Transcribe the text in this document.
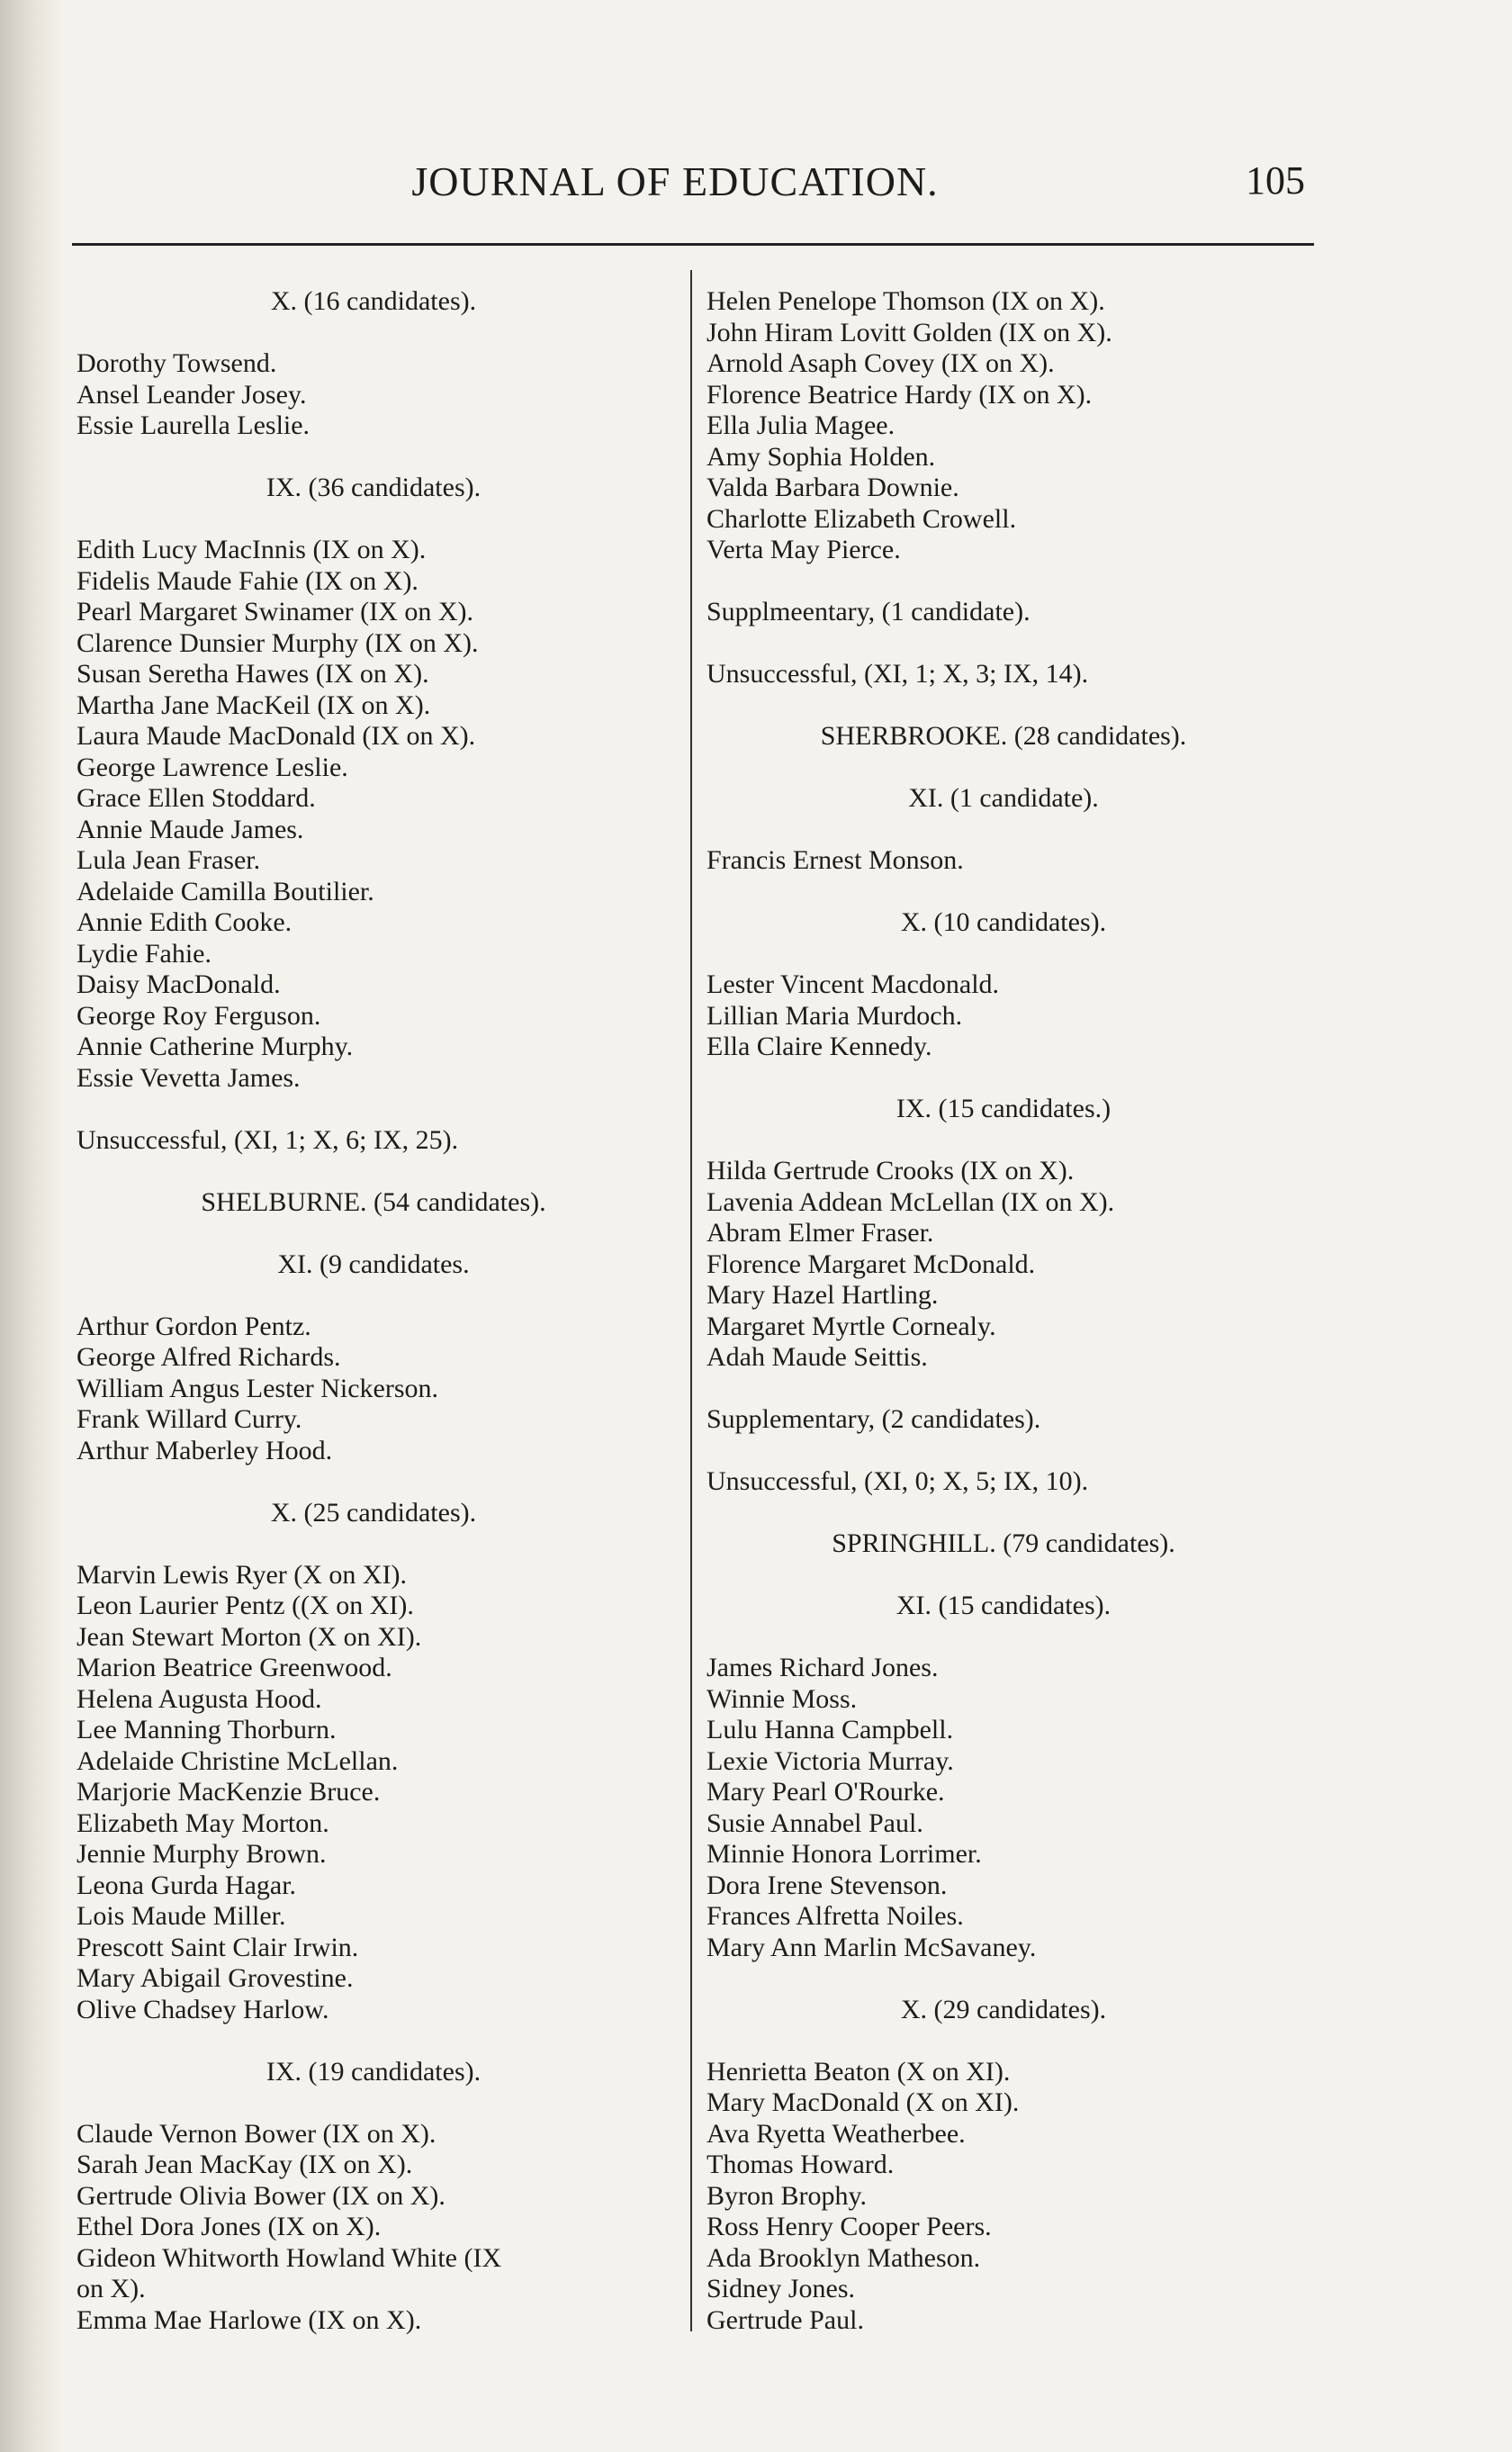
JOURNAL OF EDUCATION.	105
X. (16 candidates).
Dorothy Towsend.
Ansel Leander Josey.
Essie Laurella Leslie.
IX. (36 candidates).
Edith Lucy MacInnis (IX on X).
Fidelis Maude Fahie (IX on X).
Pearl Margaret Swinamer (IX on X).
Clarence Dunsier Murphy (IX on X).
Susan Seretha Hawes (IX on X).
Martha Jane MacKeil (IX on X).
Laura Maude MacDonald (IX on X).
George Lawrence Leslie.
Grace Ellen Stoddard.
Annie Maude James.
Lula Jean Fraser.
Adelaide Camilla Boutilier.
Annie Edith Cooke.
Lydie Fahie.
Daisy MacDonald.
George Roy Ferguson.
Annie Catherine Murphy.
Essie Vevetta James.
Unsuccessful, (XI, 1; X, 6; IX, 25).
SHELBURNE. (54 candidates).
XI. (9 candidates.
Arthur Gordon Pentz.
George Alfred Richards.
William Angus Lester Nickerson.
Frank Willard Curry.
Arthur Maberley Hood.
X. (25 candidates).
Marvin Lewis Ryer (X on XI).
Leon Laurier Pentz ((X on XI).
Jean Stewart Morton (X on XI).
Marion Beatrice Greenwood.
Helena Augusta Hood.
Lee Manning Thorburn.
Adelaide Christine McLellan.
Marjorie MacKenzie Bruce.
Elizabeth May Morton.
Jennie Murphy Brown.
Leona Gurda Hagar.
Lois Maude Miller.
Prescott Saint Clair Irwin.
Mary Abigail Grovestine.
Olive Chadsey Harlow.
IX. (19 candidates).
Claude Vernon Bower (IX on X).
Sarah Jean MacKay (IX on X).
Gertrude Olivia Bower (IX on X).
Ethel Dora Jones (IX on X).
Gideon Whitworth Howland White (IX
on X).
Emma Mae Harlowe (IX on X).
Helen Penelope Thomson (IX on X).
John Hiram Lovitt Golden (IX on X).
Arnold Asaph Covey (IX on X).
Florence Beatrice Hardy (IX on X).
Ella Julia Magee.
Amy Sophia Holden.
Valda Barbara Downie.
Charlotte Elizabeth Crowell.
Verta May Pierce.
Supplmeentary, (1 candidate).
Unsuccessful, (XI, 1; X, 3; IX, 14).
SHERBROOKE. (28 candidates).
XI. (1 candidate).
Francis Ernest Monson.
X. (10 candidates).
Lester Vincent Macdonald.
Lillian Maria Murdoch.
Ella Claire Kennedy.
IX. (15 candidates.)
Hilda Gertrude Crooks (IX on X).
Lavenia Addean McLellan (IX on X).
Abram Elmer Fraser.
Florence Margaret McDonald.
Mary Hazel Hartling.
Margaret Myrtle Cornealy.
Adah Maude Seittis.
Supplementary, (2 candidates).
Unsuccessful, (XI, 0; X, 5; IX, 10).
SPRINGHILL. (79 candidates).
XI. (15 candidates).
James Richard Jones.
Winnie Moss.
Lulu Hanna Campbell.
Lexie Victoria Murray.
Mary Pearl O'Rourke.
Susie Annabel Paul.
Minnie Honora Lorrimer.
Dora Irene Stevenson.
Frances Alfretta Noiles.
Mary Ann Marlin McSavaney.
X. (29 candidates).
Henrietta Beaton (X on XI).
Mary MacDonald (X on XI).
Ava Ryetta Weatherbee.
Thomas Howard.
Byron Brophy.
Ross Henry Cooper Peers.
Ada Brooklyn Matheson.
Sidney Jones.
Gertrude Paul.
